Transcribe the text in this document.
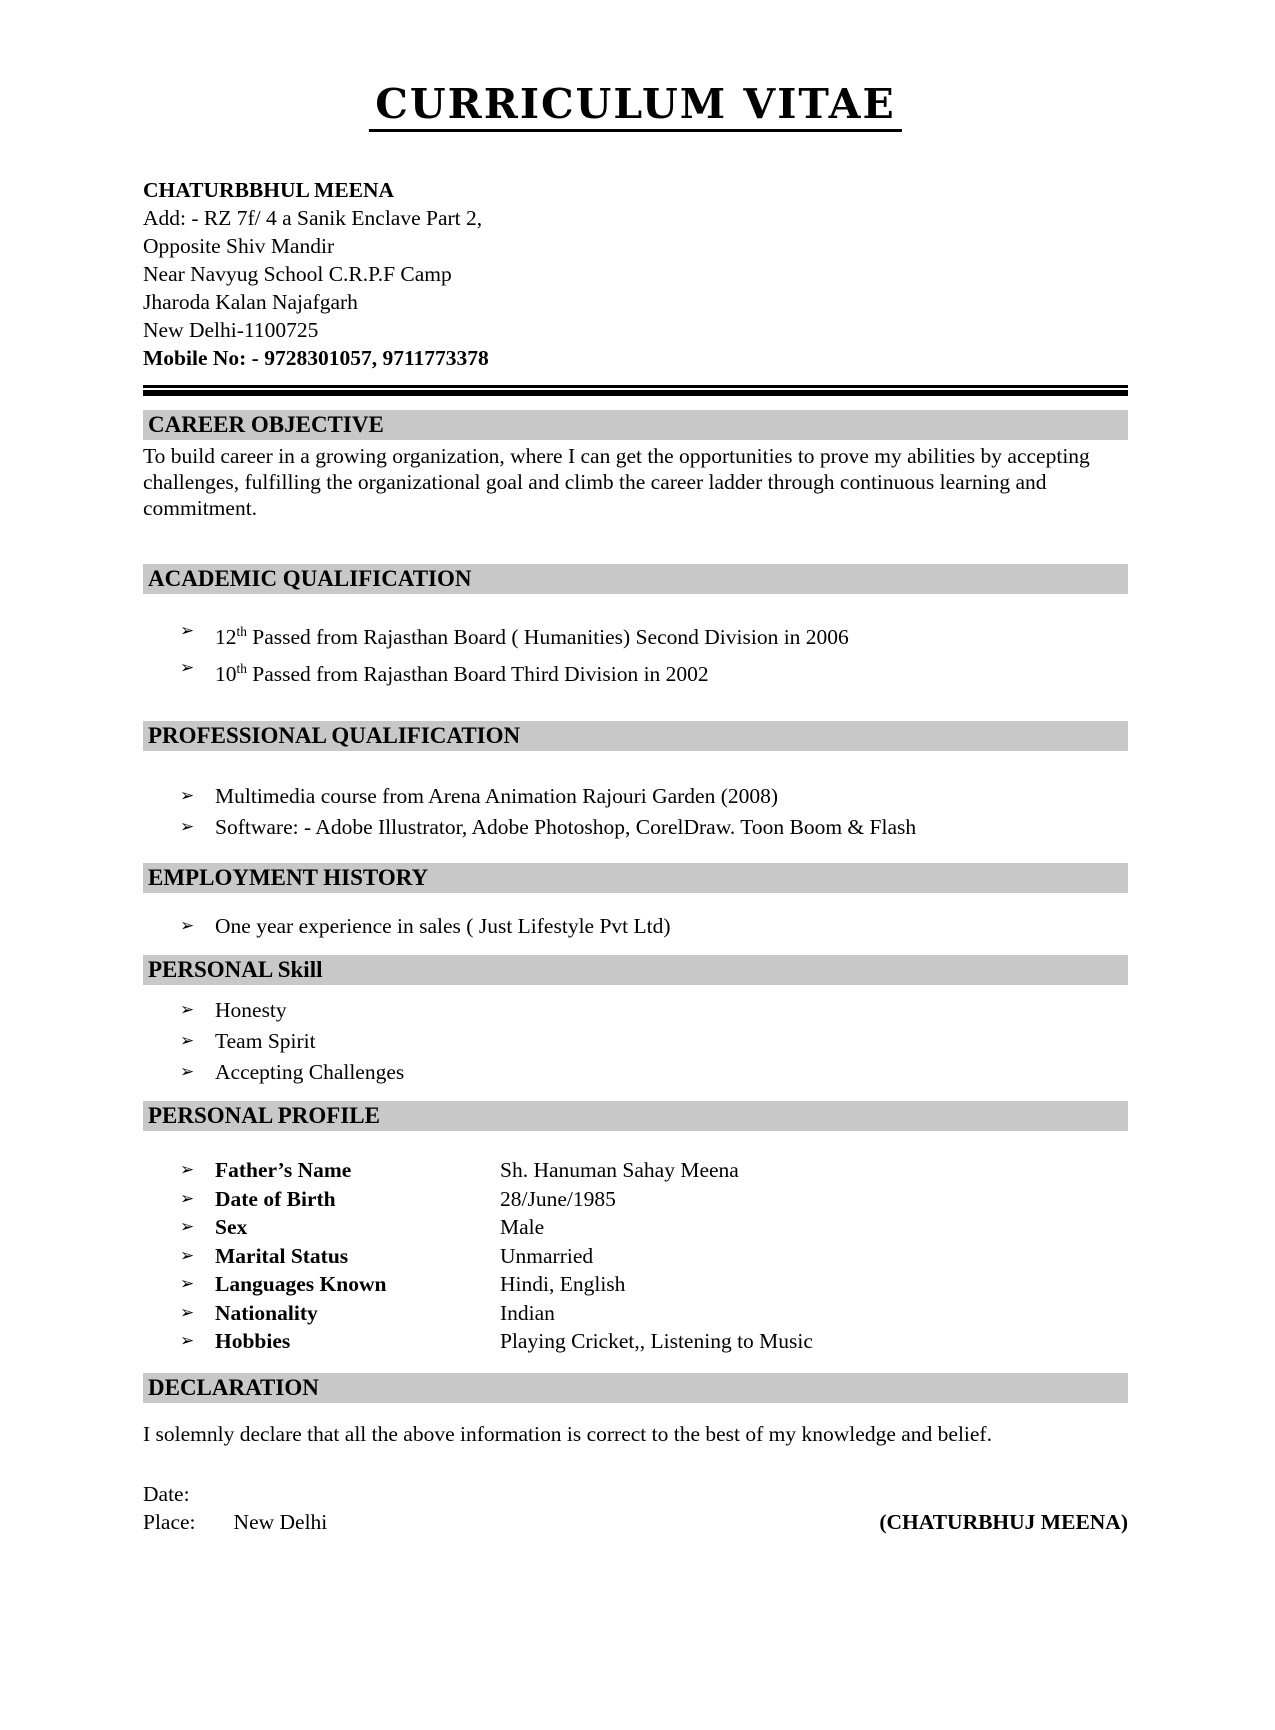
CURRICULUM VITAE
CHATURBBHUL MEENA
Add: - RZ 7f/ 4 a Sanik Enclave Part 2,
Opposite Shiv Mandir
Near Navyug School C.R.P.F Camp
Jharoda Kalan Najafgarh
New Delhi-1100725
Mobile No: - 9728301057, 9711773378
CAREER OBJECTIVE

To build career in a growing organization, where I can get the opportunities to prove my abilities by accepting challenges, fulfilling the organizational goal and climb the career ladder through continuous learning and commitment.

ACADEMIC QUALIFICATION
➢ 12th Passed from Rajasthan Board ( Humanities) Second Division in 2006
➢ 10th Passed from Rajasthan Board Third Division in 2002
PROFESSIONAL QUALIFICATION
➢ Multimedia course from Arena Animation Rajouri Garden (2008)
➢ Software: - Adobe Illustrator, Adobe Photoshop, CorelDraw. Toon Boom & Flash
EMPLOYMENT HISTORY
➢ One year experience in sales ( Just Lifestyle Pvt Ltd)
PERSONAL Skill
➢ Honesty
➢ Team Spirit
➢ Accepting Challenges
PERSONAL PROFILE
➢ Father’s Name	Sh. Hanuman Sahay Meena
➢ Date of Birth	28/June/1985
➢ Sex	Male
➢ Marital Status	Unmarried
➢ Languages Known	Hindi, English
➢ Nationality	Indian
➢ Hobbies	Playing Cricket,, Listening to Music
DECLARATION

I solemnly declare that all the above information is correct to the best of my knowledge and belief.

Date:
Place: New Delhi	(CHATURBHUJ MEENA)
